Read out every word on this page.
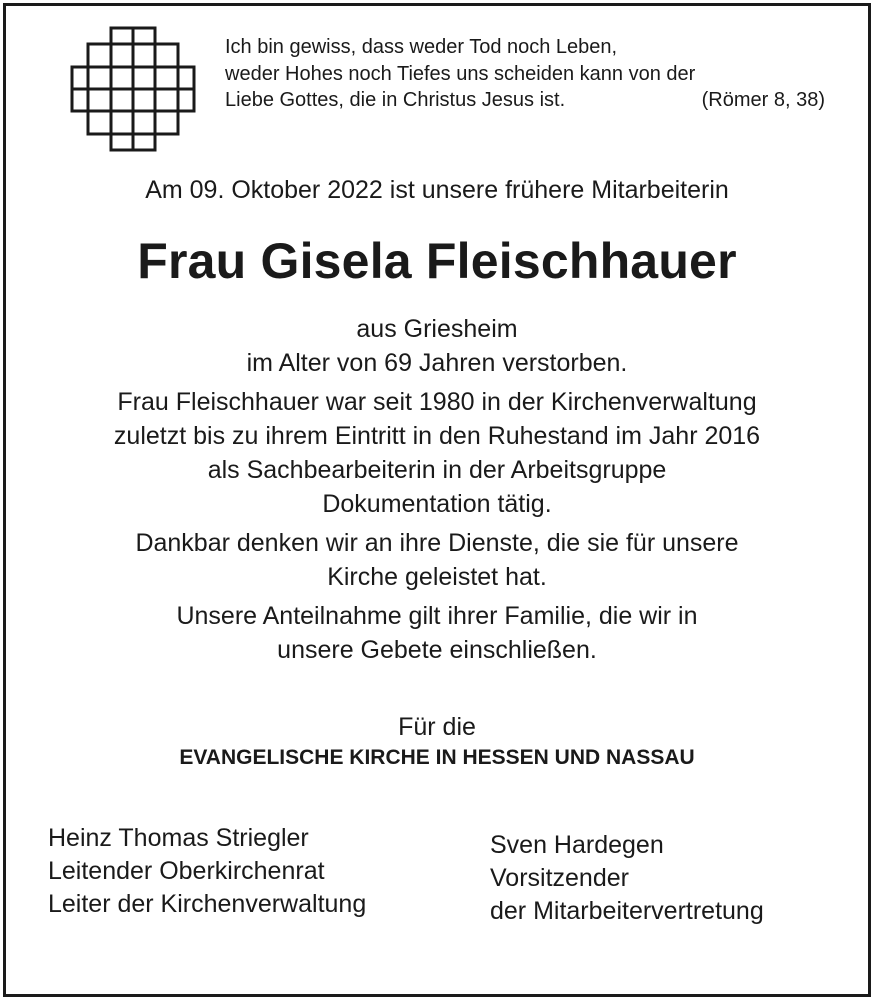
Ich bin gewiss, dass weder Tod noch Leben,
weder Hohes noch Tiefes uns scheiden kann von der
Liebe Gottes, die in Christus Jesus ist.	(Römer 8, 38)
Am 09. Oktober 2022 ist unsere frühere Mitarbeiterin
Frau Gisela Fleischhauer

aus Griesheim

im Alter von 69 Jahren verstorben.

Frau Fleischhauer war seit 1980 in der Kirchenverwaltung

zuletzt bis zu ihrem Eintritt in den Ruhestand im Jahr 2016

als Sachbearbeiterin in der Arbeitsgruppe

Dokumentation tätig.

Dankbar denken wir an ihre Dienste, die sie für unsere

Kirche geleistet hat.

Unsere Anteilnahme gilt ihrer Familie, die wir in

unsere Gebete einschließen.

Für die
EVANGELISCHE KIRCHE IN HESSEN UND NASSAU
Heinz Thomas Striegler
Leitender Oberkirchenrat
Leiter der Kirchenverwaltung
Sven Hardegen
Vorsitzender
der Mitarbeitervertretung
